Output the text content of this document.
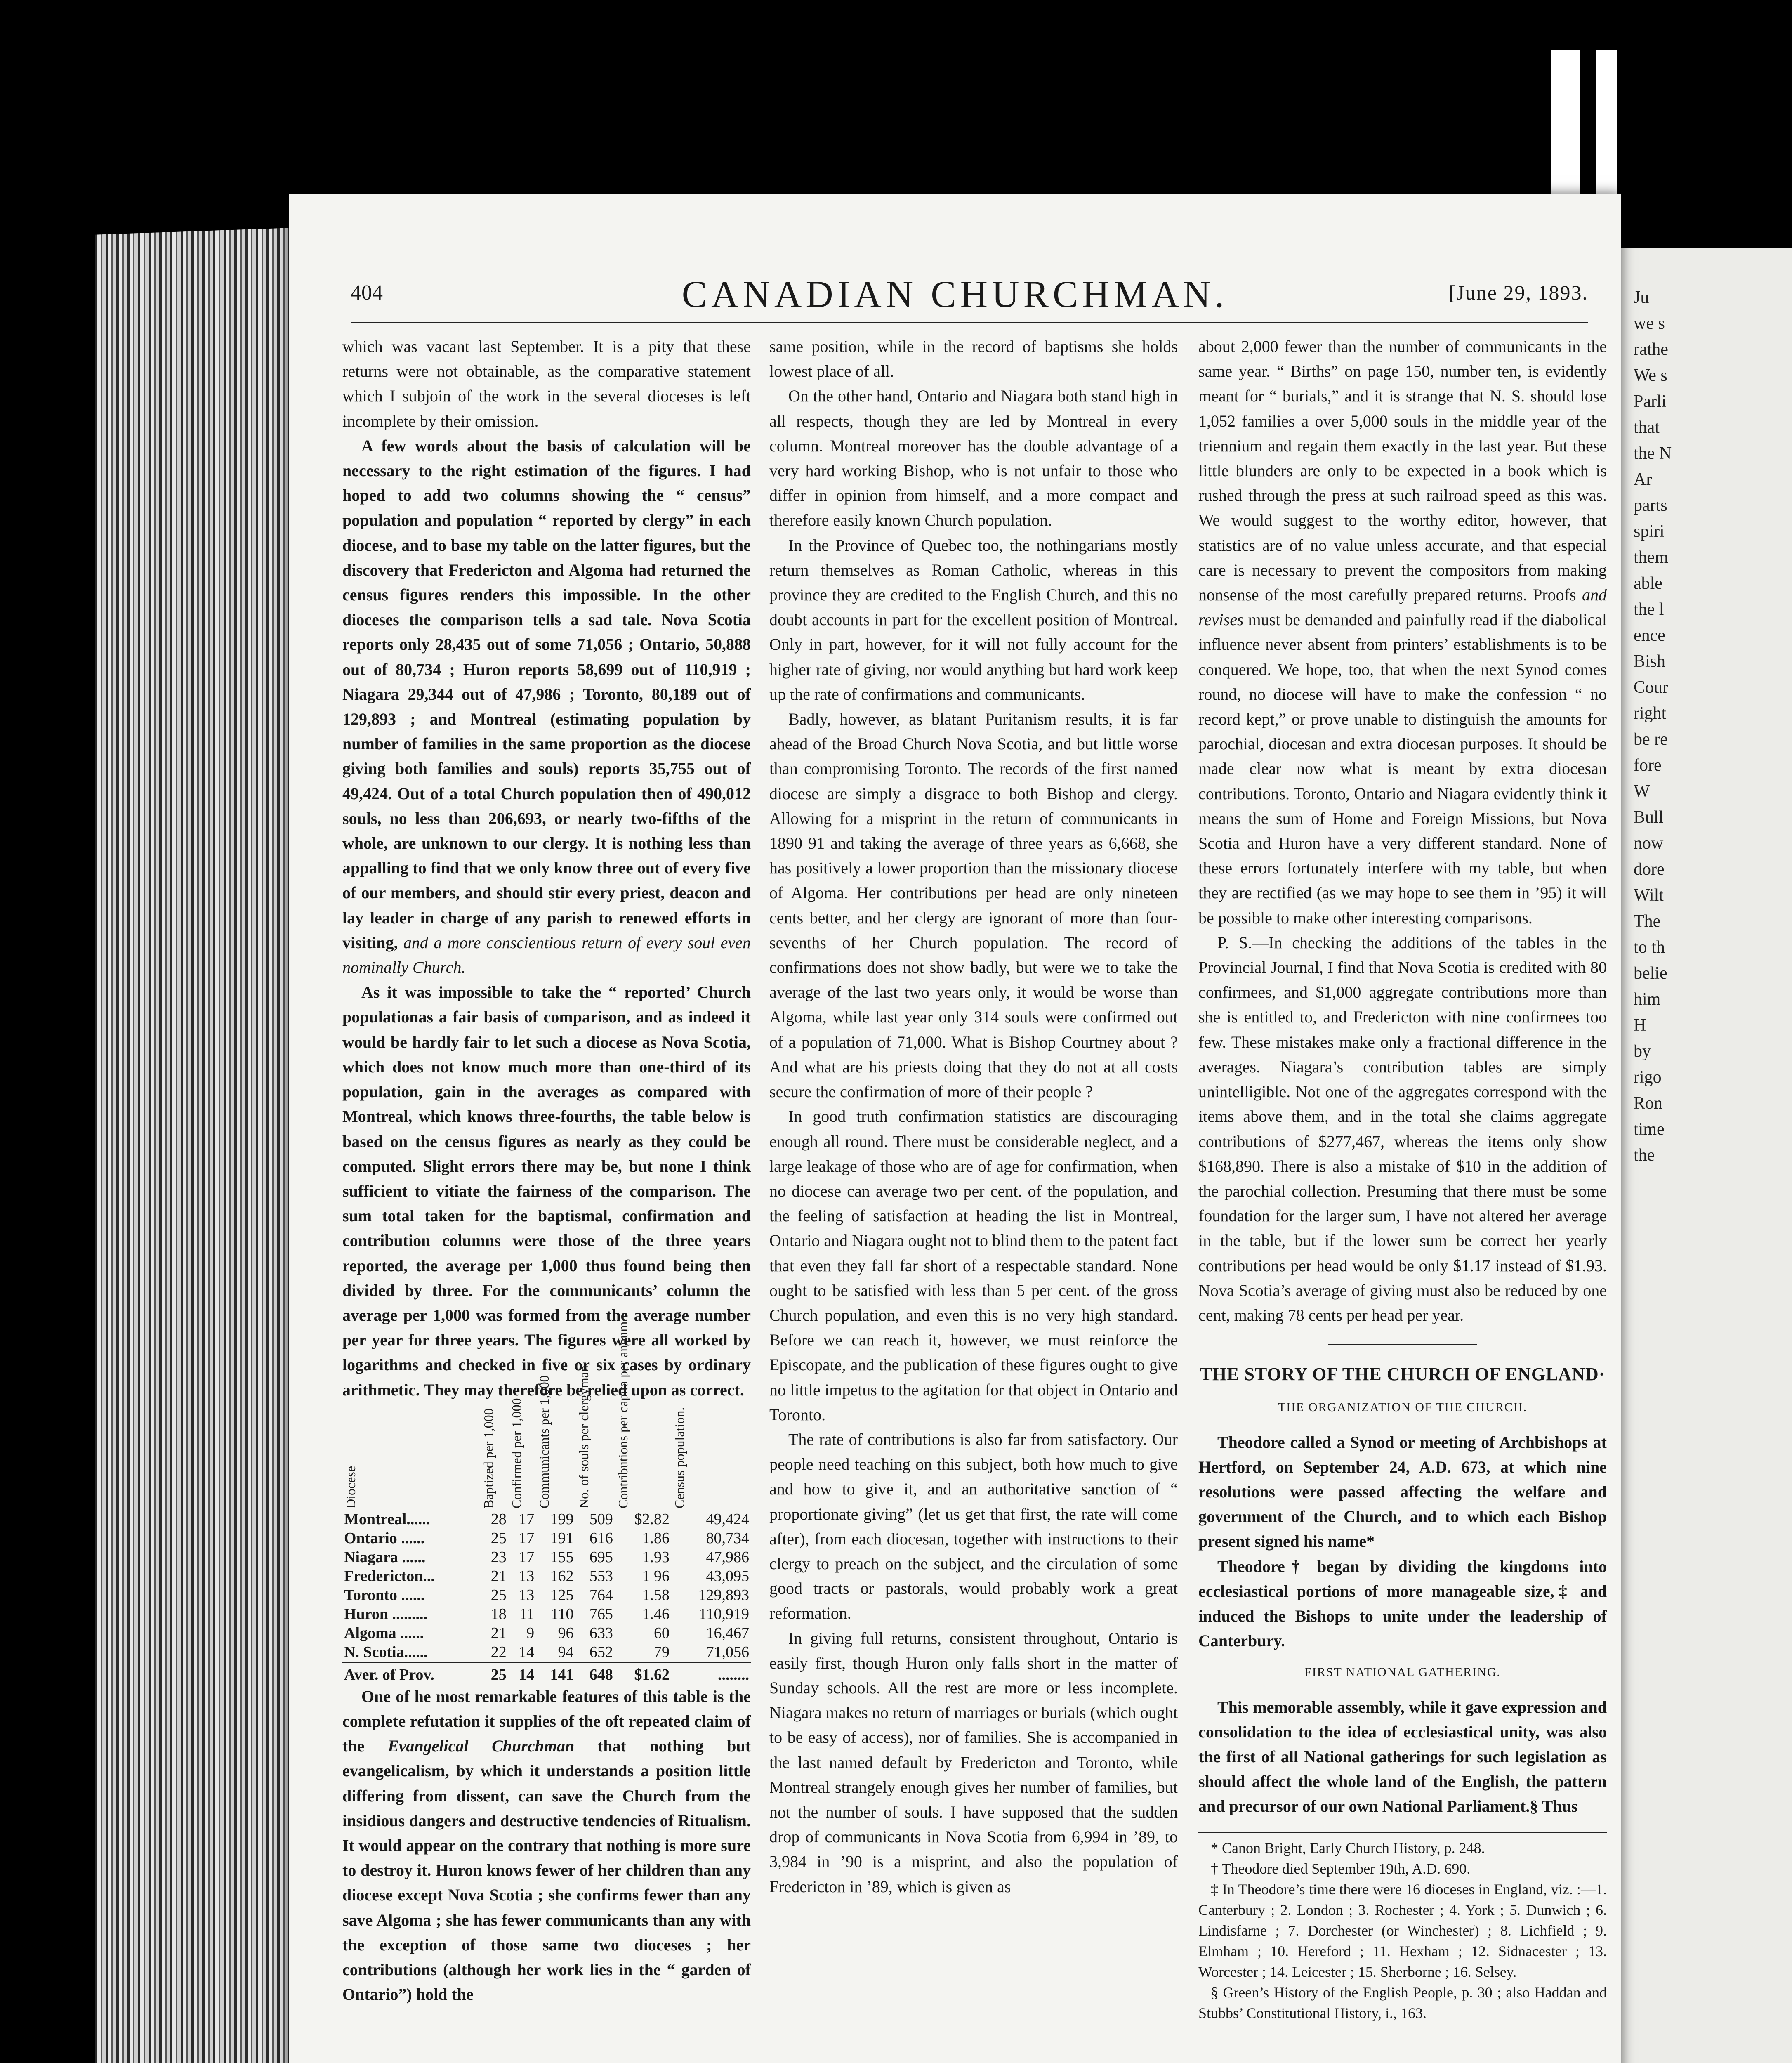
Ju
we s
rathe
We s
Parli
that
the N
Ar
parts
spiri
them
able
the l
ence
Bish
Cour
right
be re
fore
W
Bull
now
dore
Wilt
The
to th
belie
him
H
by
rigo
Ron
time
the
404	CANADIAN CHURCHMAN.	[June 29, 1893.

which was vacant last September. It is a pity that these returns were not obtainable, as the comparative statement which I subjoin of the work in the several dioceses is left incomplete by their omission.

A few words about the basis of calculation will be necessary to the right estimation of the figures. I had hoped to add two columns showing the “ census” population and population “ reported by clergy” in each diocese, and to base my table on the latter figures, but the discovery that Fredericton and Algoma had returned the census figures renders this impossible. In the other dioceses the comparison tells a sad tale. Nova Scotia reports only 28,435 out of some 71,056 ; Ontario, 50,888 out of 80,734 ; Huron reports 58,699 out of 110,919 ; Niagara 29,344 out of 47,986 ; Toronto, 80,189 out of 129,893 ; and Montreal (estimating population by number of families in the same proportion as the diocese giving both families and souls) reports 35,755 out of 49,424. Out of a total Church population then of 490,012 souls, no less than 206,693, or nearly two-fifths of the whole, are unknown to our clergy. It is nothing less than appalling to find that we only know three out of every five of our members, and should stir every priest, deacon and lay leader in charge of any parish to renewed efforts in visiting, and a more conscientious return of every soul even nominally Church.

As it was impossible to take the “ reported’ Church populationas a fair basis of comparison, and as indeed it would be hardly fair to let such a diocese as Nova Scotia, which does not know much more than one-third of its population, gain in the averages as compared with Montreal, which knows three-fourths, the table below is based on the census figures as nearly as they could be computed. Slight errors there may be, but none I think sufficient to vitiate the fairness of the comparison. The sum total taken for the baptismal, confirmation and contribution columns were those of the three years reported, the average per 1,000 thus found being then divided by three. For the communicants’ column the average per 1,000 was formed from the average number per year for three years. The figures were all worked by logarithms and checked in five or six cases by ordinary arithmetic. They may therefore be relied upon as correct.

Diocese	Baptized per 1,000	Confirmed per 1,000	Communicants per 1,000	No. of souls per clergyman	Contributions per capita per annum	Census population.
Montreal......	28	17	199	509	$2.82	49,424
Ontario ......	25	17	191	616	1.86	80,734
Niagara ......	23	17	155	695	1.93	47,986
Fredericton...	21	13	162	553	1 96	43,095
Toronto ......	25	13	125	764	1.58	129,893
Huron .........	18	11	110	765	1.46	110,919
Algoma ......	21	9	96	633	60	16,467
N. Scotia......	22	14	94	652	79	71,056
Aver. of Prov.	25	14	141	648	$1.62	........

One of he most remarkable features of this table is the complete refutation it supplies of the oft repeated claim of the Evangelical Churchman that nothing but evangelicalism, by which it understands a position little differing from dissent, can save the Church from the insidious dangers and destructive tendencies of Ritualism. It would appear on the contrary that nothing is more sure to destroy it. Huron knows fewer of her children than any diocese except Nova Scotia ; she confirms fewer than any save Algoma ; she has fewer communicants than any with the exception of those same two dioceses ; her contributions (although her work lies in the “ garden of Ontario”) hold the

same position, while in the record of baptisms she holds lowest place of all.

On the other hand, Ontario and Niagara both stand high in all respects, though they are led by Montreal in every column. Montreal moreover has the double advantage of a very hard working Bishop, who is not unfair to those who differ in opinion from himself, and a more compact and therefore easily known Church population.

In the Province of Quebec too, the nothingarians mostly return themselves as Roman Catholic, whereas in this province they are credited to the English Church, and this no doubt accounts in part for the excellent position of Montreal. Only in part, however, for it will not fully account for the higher rate of giving, nor would anything but hard work keep up the rate of confirmations and communicants.

Badly, however, as blatant Puritanism results, it is far ahead of the Broad Church Nova Scotia, and but little worse than compromising Toronto. The records of the first named diocese are simply a disgrace to both Bishop and clergy. Allowing for a misprint in the return of communicants in 1890 91 and taking the average of three years as 6,668, she has positively a lower proportion than the missionary diocese of Algoma. Her contributions per head are only nineteen cents better, and her clergy are ignorant of more than four-sevenths of her Church population. The record of confirmations does not show badly, but were we to take the average of the last two years only, it would be worse than Algoma, while last year only 314 souls were confirmed out of a population of 71,000. What is Bishop Courtney about ? And what are his priests doing that they do not at all costs secure the confirmation of more of their people ?

In good truth confirmation statistics are discouraging enough all round. There must be considerable neglect, and a large leakage of those who are of age for confirmation, when no diocese can average two per cent. of the population, and the feeling of satisfaction at heading the list in Montreal, Ontario and Niagara ought not to blind them to the patent fact that even they fall far short of a respectable standard. None ought to be satisfied with less than 5 per cent. of the gross Church population, and even this is no very high standard. Before we can reach it, however, we must reinforce the Episcopate, and the publication of these figures ought to give no little impetus to the agitation for that object in Ontario and Toronto.

The rate of contributions is also far from satisfactory. Our people need teaching on this subject, both how much to give and how to give it, and an authoritative sanction of “ proportionate giving” (let us get that first, the rate will come after), from each diocesan, together with instructions to their clergy to preach on the subject, and the circulation of some good tracts or pastorals, would probably work a great reformation.

In giving full returns, consistent throughout, Ontario is easily first, though Huron only falls short in the matter of Sunday schools. All the rest are more or less incomplete. Niagara makes no return of marriages or burials (which ought to be easy of access), nor of families. She is accompanied in the last named default by Fredericton and Toronto, while Montreal strangely enough gives her number of families, but not the number of souls. I have supposed that the sudden drop of communicants in Nova Scotia from 6,994 in ’89, to 3,984 in ’90 is a misprint, and also the population of Fredericton in ’89, which is given as

about 2,000 fewer than the number of communicants in the same year. “ Births” on page 150, number ten, is evidently meant for “ burials,” and it is strange that N. S. should lose 1,052 families a over 5,000 souls in the middle year of the triennium and regain them exactly in the last year. But these little blunders are only to be expected in a book which is rushed through the press at such railroad speed as this was. We would suggest to the worthy editor, however, that statistics are of no value unless accurate, and that especial care is necessary to prevent the compositors from making nonsense of the most carefully prepared returns. Proofs and revises must be demanded and painfully read if the diabolical influence never absent from printers’ establishments is to be conquered. We hope, too, that when the next Synod comes round, no diocese will have to make the confession “ no record kept,” or prove unable to distinguish the amounts for parochial, diocesan and extra diocesan purposes. It should be made clear now what is meant by extra diocesan contributions. Toronto, Ontario and Niagara evidently think it means the sum of Home and Foreign Missions, but Nova Scotia and Huron have a very different standard. None of these errors fortunately interfere with my table, but when they are rectified (as we may hope to see them in ’95) it will be possible to make other interesting comparisons.

P. S.—In checking the additions of the tables in the Provincial Journal, I find that Nova Scotia is credited with 80 confirmees, and $1,000 aggregate contributions more than she is entitled to, and Fredericton with nine confirmees too few. These mistakes make only a fractional difference in the averages. Niagara’s contribution tables are simply unintelligible. Not one of the aggregates correspond with the items above them, and in the total she claims aggregate contributions of $277,467, whereas the items only show $168,890. There is also a mistake of $10 in the addition of the parochial collection. Presuming that there must be some foundation for the larger sum, I have not altered her average in the table, but if the lower sum be correct her yearly contributions per head would be only $1.17 instead of $1.93. Nova Scotia’s average of giving must also be reduced by one cent, making 78 cents per head per year.

THE STORY OF THE CHURCH OF ENGLAND·
THE ORGANIZATION OF THE CHURCH.

Theodore called a Synod or meeting of Archbishops at Hertford, on September 24, A.D. 673, at which nine resolutions were passed affecting the welfare and government of the Church, and to which each Bishop present signed his name*

Theodore† began by dividing the kingdoms into ecclesiastical portions of more manageable size,‡ and induced the Bishops to unite under the leadership of Canterbury.

FIRST NATIONAL GATHERING.

This memorable assembly, while it gave expression and consolidation to the idea of ecclesiastical unity, was also the first of all National gatherings for such legislation as should affect the whole land of the English, the pattern and precursor of our own National Parliament.§ Thus

* Canon Bright, Early Church History, p. 248.

† Theodore died September 19th, A.D. 690.

‡ In Theodore’s time there were 16 dioceses in England, viz. :—1. Canterbury ; 2. London ; 3. Rochester ; 4. York ; 5. Dunwich ; 6. Lindisfarne ; 7. Dorchester (or Winchester) ; 8. Lichfield ; 9. Elmham ; 10. Hereford ; 11. Hexham ; 12. Sidnacester ; 13. Worcester ; 14. Leicester ; 15. Sherborne ; 16. Selsey.

§ Green’s History of the English People, p. 30 ; also Haddan and Stubbs’ Constitutional History, i., 163.
